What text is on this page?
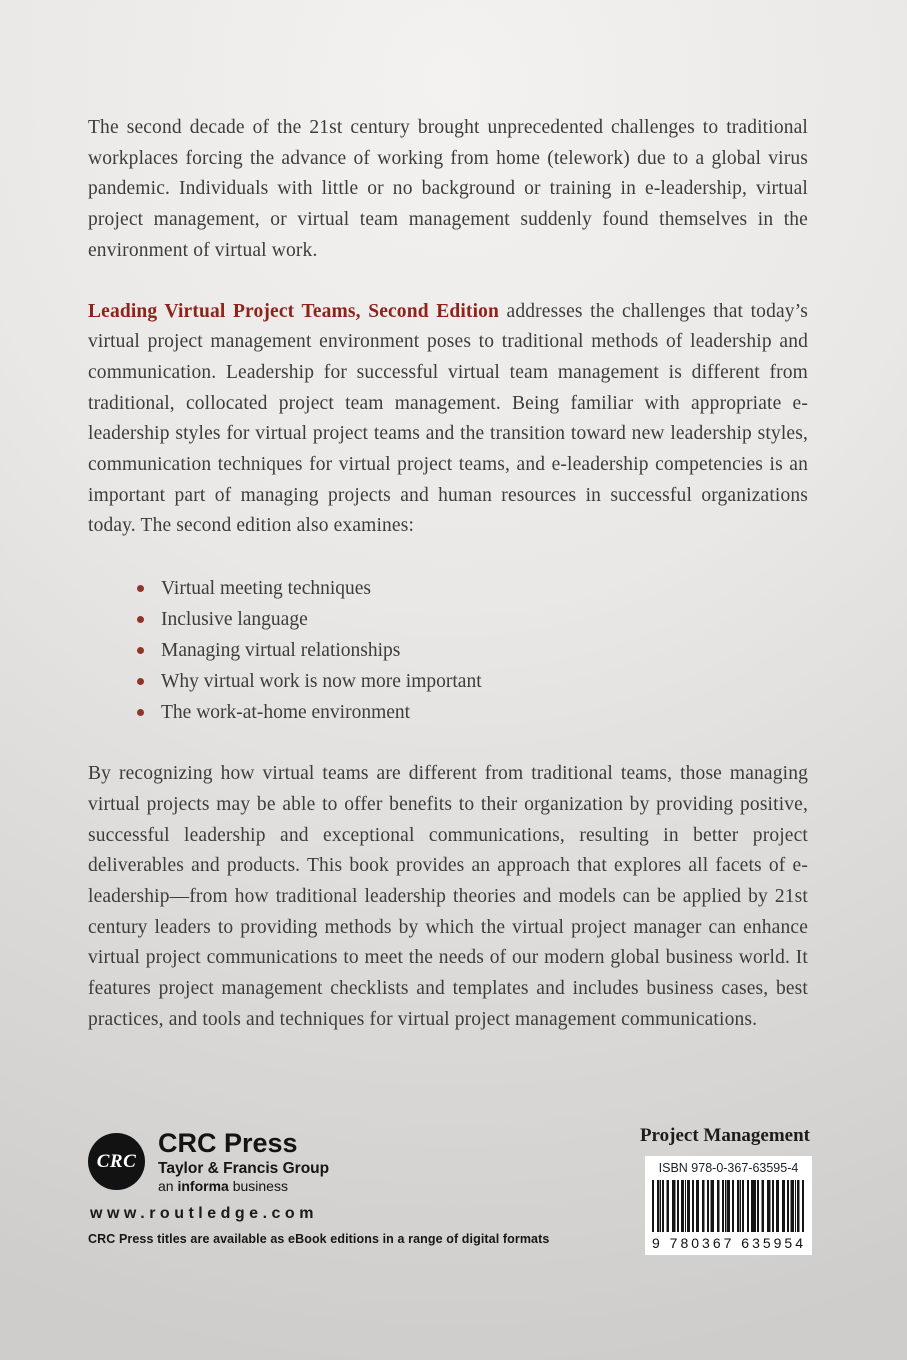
The second decade of the 21st century brought unprecedented challenges to traditional workplaces forcing the advance of working from home (telework) due to a global virus pandemic. Individuals with little or no background or training in e-leadership, virtual project management, or virtual team management suddenly found themselves in the environment of virtual work.

Leading Virtual Project Teams, Second Edition addresses the challenges that today’s virtual project management environment poses to traditional methods of leadership and communication. Leadership for successful virtual team management is different from traditional, collocated project team management. Being familiar with appropriate e-leadership styles for virtual project teams and the transition toward new leadership styles, communication techniques for virtual project teams, and e-leadership competencies is an important part of managing projects and human resources in successful organizations today. The second edition also examines:

Virtual meeting techniques
Inclusive language
Managing virtual relationships
Why virtual work is now more important
The work-at-home environment

By recognizing how virtual teams are different from traditional teams, those managing virtual projects may be able to offer benefits to their organization by providing positive, successful leadership and exceptional communications, resulting in better project deliverables and products. This book provides an approach that explores all facets of e-leadership—from how traditional leadership theories and models can be applied by 21st century leaders to providing methods by which the virtual project manager can enhance virtual project communications to meet the needs of our modern global business world. It features project management checklists and templates and includes business cases, best practices, and tools and techniques for virtual project management communications.

CRC
CRC Press
Taylor & Francis Group
an informa business
www.routledge.com
CRC Press titles are available as eBook editions in a range of digital formats
Project Management
ISBN 978-0-367-63595-4
9 780367 635954
